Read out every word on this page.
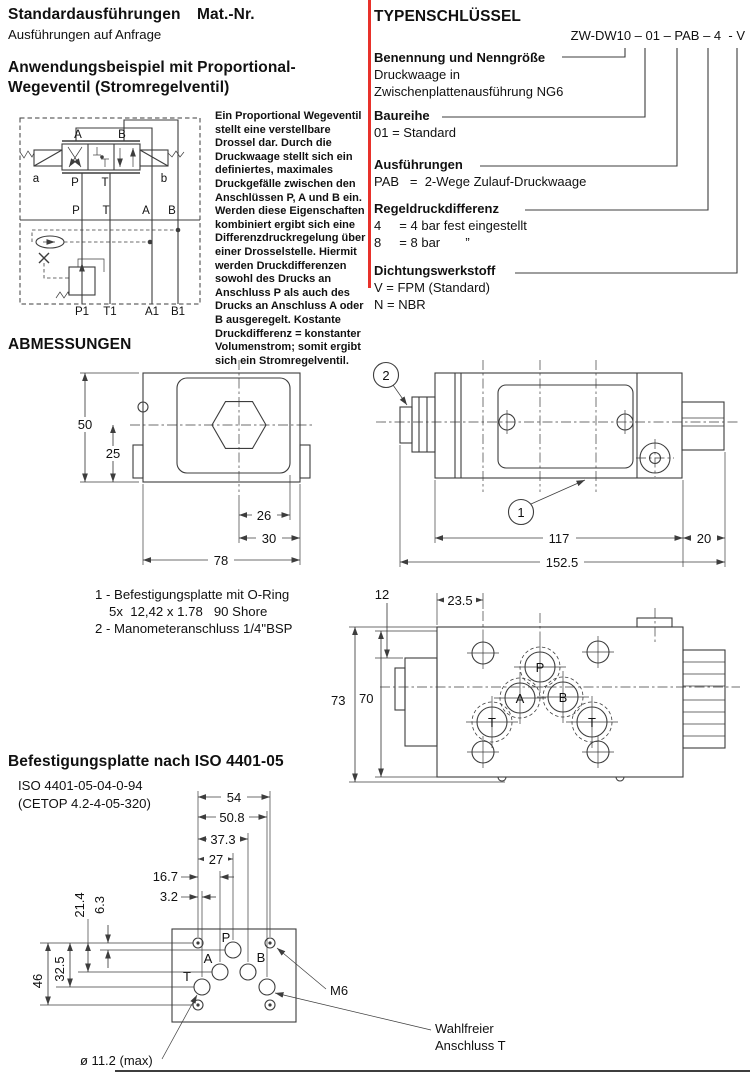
Standardausführungen Mat.-Nr.
Ausführungen auf Anfrage
Anwendungsbeispiel mit Proportional-
Wegeventil (Stromregelventil)
Ein Proportional Wegeventil stellt eine verstellbare Drossel dar. Durch die Druckwaage stellt sich ein definiertes, maximales Druckgefälle zwischen den Anschlüssen P, A und B ein. Werden diese Eigenschaften kombiniert ergibt sich eine Differenzdruckregelung über einer Drosselstelle. Hiermit werden Druckdifferenzen sowohl des Drucks an Anschluss P als auch des Drucks an Anschluss A oder B ausgeregelt. Kostante Druckdifferenz = konstanter Volumenstrom; somit ergibt sich ein Stromregelventil.
A	B
a	b
P T
P T	A B
P1 T1 A1 B1
TYPENSCHLÜSSEL
ZW-DW10 – 01 – PAB – 4  - V
Benennung und Nenngröße
Druckwaage in
Zwischenplattenausführung NG6
Baureihe
01 = Standard
Ausführungen
PAB   =  2-Wege Zulauf-Druckwaage
Regeldruckdifferenz
4     = 4 bar fest eingestellt
8     = 8 bar       ”
Dichtungswerkstoff
V = FPM (Standard)
N = NBR
ABMESSUNGEN
50
25
26
30
78
2
1
117	20
152.5
1 - Befestigungsplatte mit O-Ring
5x  12,42 x 1.78   90 Shore
2 - Manometeranschluss 1/4"BSP
P
A	B
T	T
12	23.5
73 70
Befestigungsplatte nach ISO 4401-05
ISO 4401-05-04-0-94
(CETOP 4.2-4-05-320)
P
A	B
T
M6
Wahlfreier
Anschluss T
ø 11.2 (max)
54
50.8
37.3
27
16.7
3.2
46 32.5
21.4 6.3
